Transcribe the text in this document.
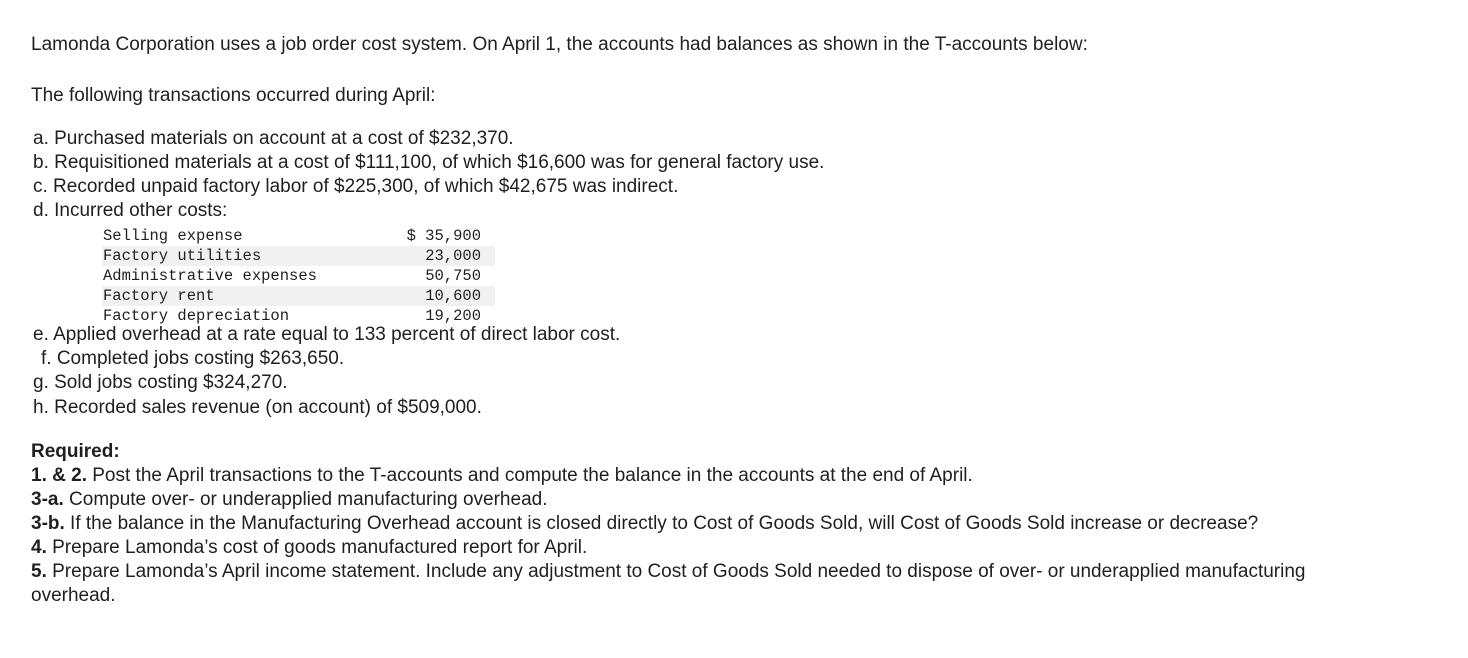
Lamonda Corporation uses a job order cost system. On April 1, the accounts had balances as shown in the T-accounts below:
The following transactions occurred during April:
a. Purchased materials on account at a cost of $232,370.
b. Requisitioned materials at a cost of $111,100, of which $16,600 was for general factory use.
c. Recorded unpaid factory labor of $225,300, of which $42,675 was indirect.
d. Incurred other costs:
Selling expense	$ 35,900
Factory utilities	23,000
Administrative expenses	50,750
Factory rent	10,600
Factory depreciation	19,200
e. Applied overhead at a rate equal to 133 percent of direct labor cost.
f. Completed jobs costing $263,650.
g. Sold jobs costing $324,270.
h. Recorded sales revenue (on account) of $509,000.
Required:

1. & 2. Post the April transactions to the T-accounts and compute the balance in the accounts at the end of April.

3-a. Compute over- or underapplied manufacturing overhead.

3-b. If the balance in the Manufacturing Overhead account is closed directly to Cost of Goods Sold, will Cost of Goods Sold increase or decrease?

4. Prepare Lamonda’s cost of goods manufactured report for April.

5. Prepare Lamonda’s April income statement. Include any adjustment to Cost of Goods Sold needed to dispose of over- or underapplied manufacturing overhead.
